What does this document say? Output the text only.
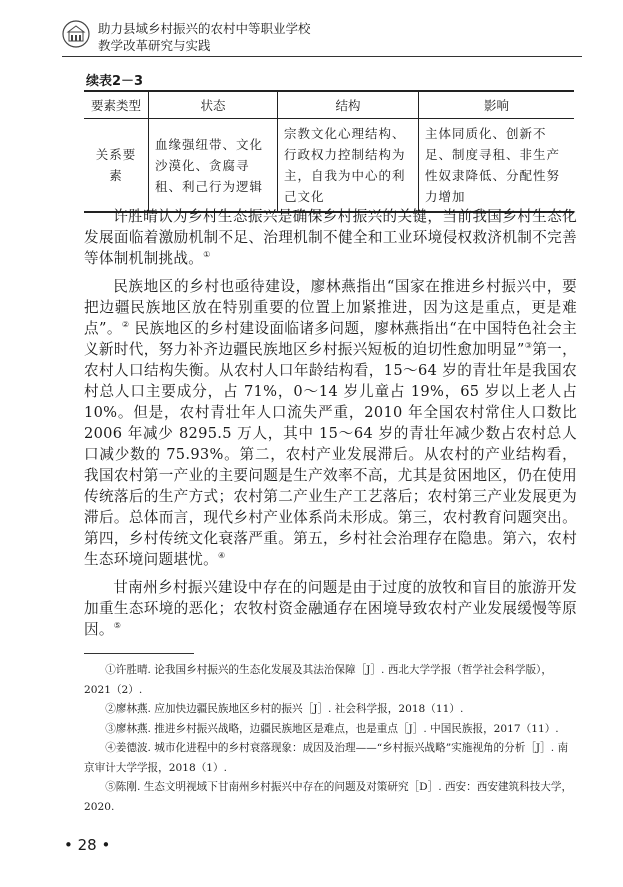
助力县域乡村振兴的农村中等职业学校
教学改革研究与实践
续表2－3
要素类型	状态	结构	影响
关系要素	血缘强纽带、文化沙漠化、贪腐寻租、利己行为逻辑	宗教文化心理结构、行政权力控制结构为主，自我为中心的利己文化	主体同质化、创新不足、制度寻租、非生产性奴隶降低、分配性努力增加

许胜晴认为乡村生态振兴是确保乡村振兴的关键，当前我国乡村生态化发展面临着激励机制不足、治理机制不健全和工业环境侵权救济机制不完善等体制机制挑战。①

民族地区的乡村也亟待建设，廖林燕指出“国家在推进乡村振兴中，要把边疆民族地区放在特别重要的位置上加紧推进，因为这是重点，更是难点”。② 民族地区的乡村建设面临诸多问题，廖林燕指出“在中国特色社会主义新时代，努力补齐边疆民族地区乡村振兴短板的迫切性愈加明显”③第一，农村人口结构失衡。从农村人口年龄结构看，15～64 岁的青壮年是我国农村总人口主要成分，占 71%，0～14 岁儿童占 19%，65 岁以上老人占 10%。但是，农村青壮年人口流失严重，2010 年全国农村常住人口数比 2006 年减少 8295.5 万人，其中 15～64 岁的青壮年减少数占农村总人口减少数的 75.93%。第二，农村产业发展滞后。从农村的产业结构看，我国农村第一产业的主要问题是生产效率不高，尤其是贫困地区，仍在使用传统落后的生产方式；农村第二产业生产工艺落后；农村第三产业发展更为滞后。总体而言，现代乡村产业体系尚未形成。第三，农村教育问题突出。第四，乡村传统文化衰落严重。第五，乡村社会治理存在隐患。第六，农村生态环境问题堪忧。④

甘南州乡村振兴建设中存在的问题是由于过度的放牧和盲目的旅游开发加重生态环境的恶化；农牧村资金融通存在困境导致农村产业发展缓慢等原因。⑤

①许胜晴. 论我国乡村振兴的生态化发展及其法治保障［J］. 西北大学学报（哲学社会科学版），2021（2）.

②廖林燕. 应加快边疆民族地区乡村的振兴［J］. 社会科学报，2018（11）.

③廖林燕. 推进乡村振兴战略，边疆民族地区是难点，也是重点［J］. 中国民族报，2017（11）.

④姜德波. 城市化进程中的乡村衰落现象：成因及治理——“乡村振兴战略”实施视角的分析［J］. 南京审计大学学报，2018（1）.

⑤陈刚. 生态文明视域下甘南州乡村振兴中存在的问题及对策研究［D］. 西安：西安建筑科技大学，2020.

• 28 •
